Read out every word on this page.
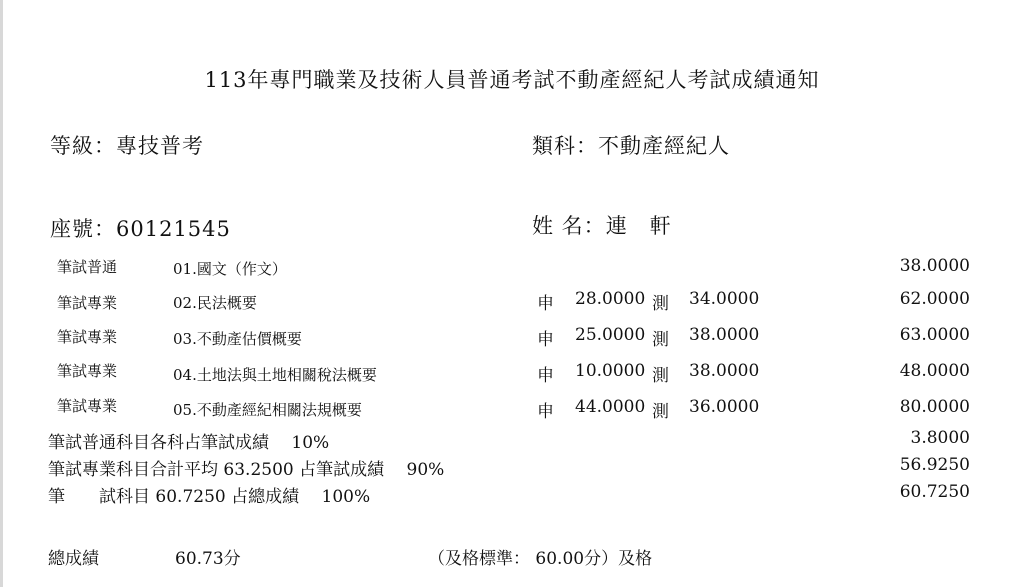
113年專門職業及技術人員普通考試不動產經紀人考試成績通知
等級：專技普考	類科：不動產經紀人
座號：60121545	姓 名：連　軒
筆試普通	01.國文（作文）	38.0000
筆試專業	02.民法概要	申 28.0000 測 34.0000	62.0000
筆試專業	03.不動產估價概要	申 25.0000 測 38.0000	63.0000
筆試專業	04.土地法與土地相關稅法概要	申 10.0000 測 38.0000	48.0000
筆試專業	05.不動產經紀相關法規概要	申 44.0000 測 36.0000	80.0000
筆試普通科目各科占筆試成績　 10%	3.8000
筆試專業科目合計平均 63.2500 占筆試成績　 90%	56.9250
筆　　試科目 60.7250 占總成績　 100%	60.7250
總成績	60.73分	（及格標準： 60.00分）及格
